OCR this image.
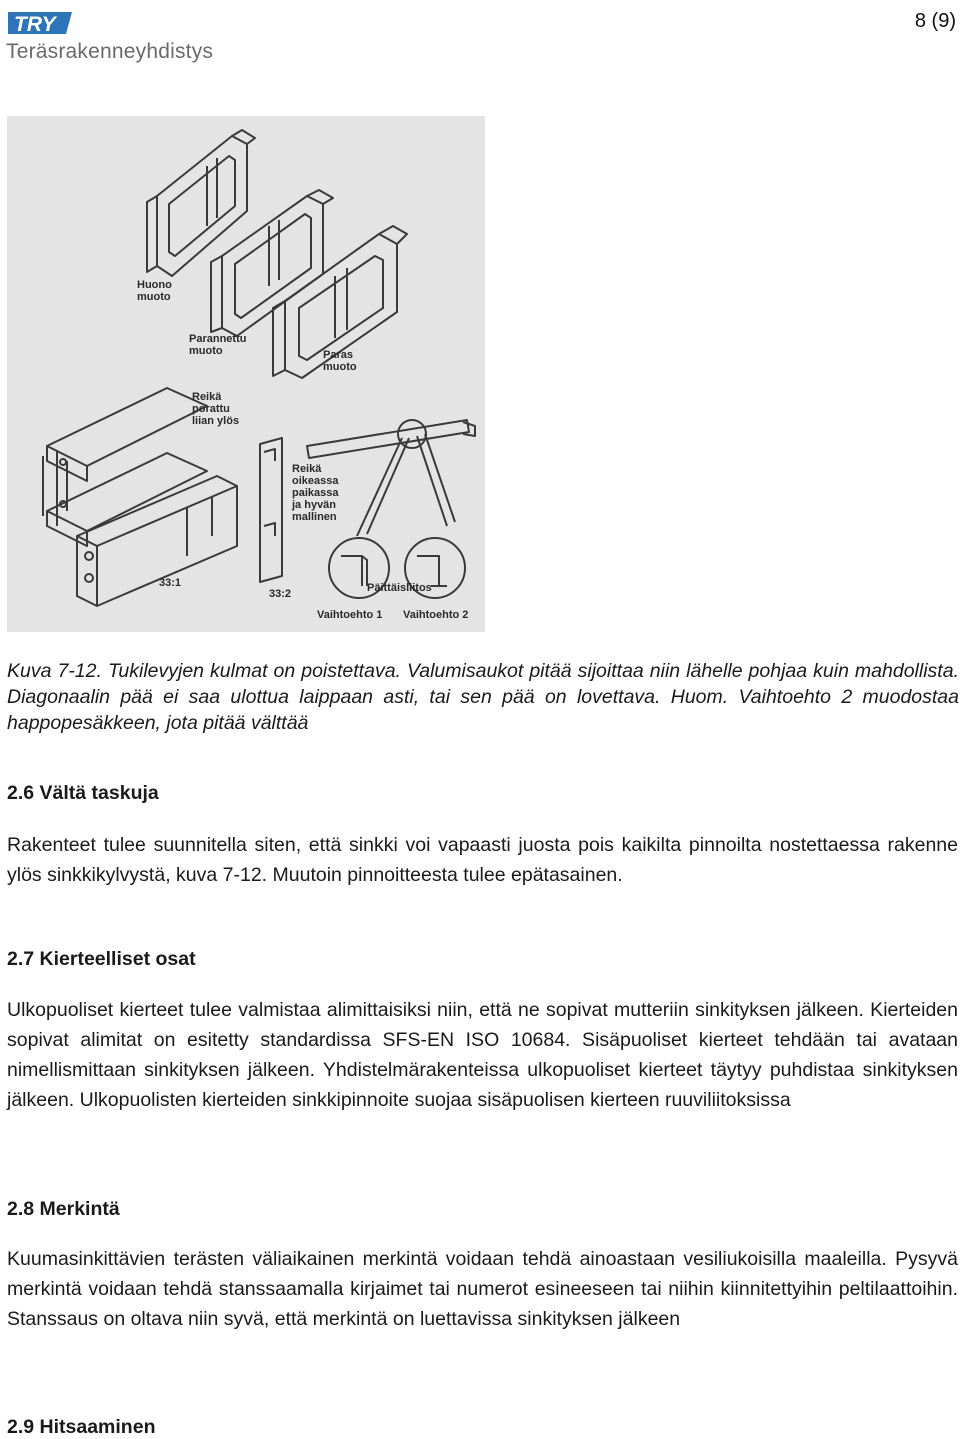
TRY
Teräsrakenneyhdistys
8 (9)
Huono muoto
Parannettu muoto	Paras muoto
Reikä porattu liian ylös
Reikä oikeassa paikassa ja hyvän mallinen
33:1
33:2	Päittäisliitos
Vaihtoehto 1 Vaihtoehto 2
Kuva 7-12. Tukilevyjen kulmat on poistettava. Valumisaukot pitää sijoittaa niin lähelle pohjaa kuin mahdollista. Diagonaalin pää ei saa ulottua laippaan asti, tai sen pää on lovettava. Huom. Vaihtoehto 2 muodostaa happopesäkkeen, jota pitää välttää
2.6 Vältä taskuja
Rakenteet tulee suunnitella siten, että sinkki voi vapaasti juosta pois kaikilta pinnoilta nostettaessa rakenne ylös sinkkikylvystä, kuva 7-12. Muutoin pinnoitteesta tulee epätasainen.
2.7 Kierteelliset osat
Ulkopuoliset kierteet tulee valmistaa alimittaisiksi niin, että ne sopivat mutteriin sinkityksen jälkeen. Kierteiden sopivat alimitat on esitetty standardissa SFS-EN ISO 10684. Sisäpuoliset kierteet tehdään tai avataan nimellismittaan sinkityksen jälkeen. Yhdistelmärakenteissa ulkopuoliset kierteet täytyy puhdistaa sinkityksen jälkeen. Ulkopuolisten kierteiden sinkkipinnoite suojaa sisäpuolisen kierteen ruuviliitoksissa
2.8 Merkintä
Kuumasinkittävien terästen väliaikainen merkintä voidaan tehdä ainoastaan vesiliukoisilla maaleilla. Pysyvä merkintä voidaan tehdä stanssaamalla kirjaimet tai numerot esineeseen tai niihin kiinnitettyihin peltilaattoihin. Stanssaus on oltava niin syvä, että merkintä on luettavissa sinkityksen jälkeen
2.9 Hitsaaminen
